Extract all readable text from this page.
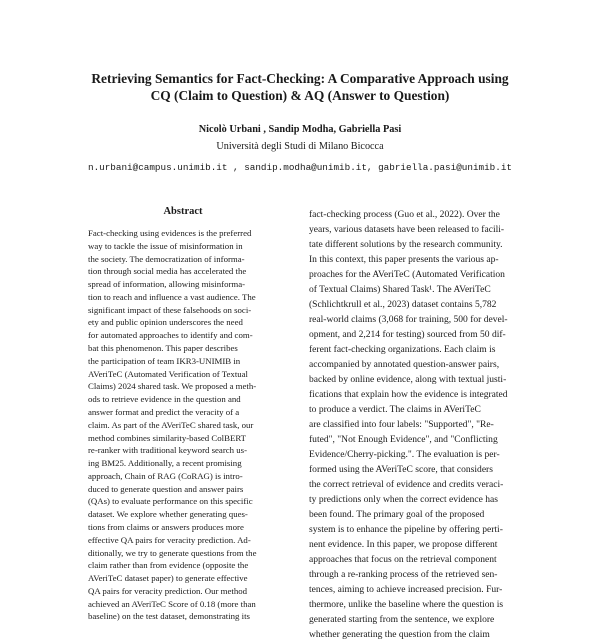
Retrieving Semantics for Fact-Checking: A Comparative Approach using
CQ (Claim to Question) & AQ (Answer to Question)
Nicolò Urbani , Sandip Modha, Gabriella Pasi
Università degli Studi di Milano Bicocca
n.urbani@campus.unimib.it , sandip.modha@unimib.it, gabriella.pasi@unimib.it
Abstract
Fact-checking using evidences is the preferred
way to tackle the issue of misinformation in
the society. The democratization of informa-
tion through social media has accelerated the
spread of information, allowing misinforma-
tion to reach and influence a vast audience. The
significant impact of these falsehoods on soci-
ety and public opinion underscores the need
for automated approaches to identify and com-
bat this phenomenon. This paper describes
the participation of team IKR3-UNIMIB in
AVeriTeC (Automated Verification of Textual
Claims) 2024 shared task. We proposed a meth-
ods to retrieve evidence in the question and
answer format and predict the veracity of a
claim. As part of the AVeriTeC shared task, our
method combines similarity-based ColBERT
re-ranker with traditional keyword search us-
ing BM25. Additionally, a recent promising
approach, Chain of RAG (CoRAG) is intro-
duced to generate question and answer pairs
(QAs) to evaluate performance on this specific
dataset. We explore whether generating ques-
tions from claims or answers produces more
effective QA pairs for veracity prediction. Ad-
ditionally, we try to generate questions from the
claim rather than from evidence (opposite the
AVeriTeC dataset paper) to generate effective
QA pairs for veracity prediction. Our method
achieved an AVeriTeC Score of 0.18 (more than
baseline) on the test dataset, demonstrating its
fact-checking process (Guo et al., 2022). Over the
years, various datasets have been released to facili-
tate different solutions by the research community.
In this context, this paper presents the various ap-
proaches for the AVeriTeC (Automated Verification
of Textual Claims) Shared Task¹. The AVeriTeC
(Schlichtkrull et al., 2023) dataset contains 5,782
real-world claims (3,068 for training, 500 for devel-
opment, and 2,214 for testing) sourced from 50 dif-
ferent fact-checking organizations. Each claim is
accompanied by annotated question-answer pairs,
backed by online evidence, along with textual justi-
fications that explain how the evidence is integrated
to produce a verdict. The claims in AVeriTeC
are classified into four labels: "Supported", "Re-
futed", "Not Enough Evidence", and "Conflicting
Evidence/Cherry-picking.". The evaluation is per-
formed using the AVeriTeC score, that considers
the correct retrieval of evidence and credits veraci-
ty predictions only when the correct evidence has
been found. The primary goal of the proposed
system is to enhance the pipeline by offering perti-
nent evidence. In this paper, we propose different
approaches that focus on the retrieval component
through a re-ranking process of the retrieved sen-
tences, aiming to achieve increased precision. Fur-
thermore, unlike the baseline where the question is
generated starting from the sentence, we explore
whether generating the question from the claim
